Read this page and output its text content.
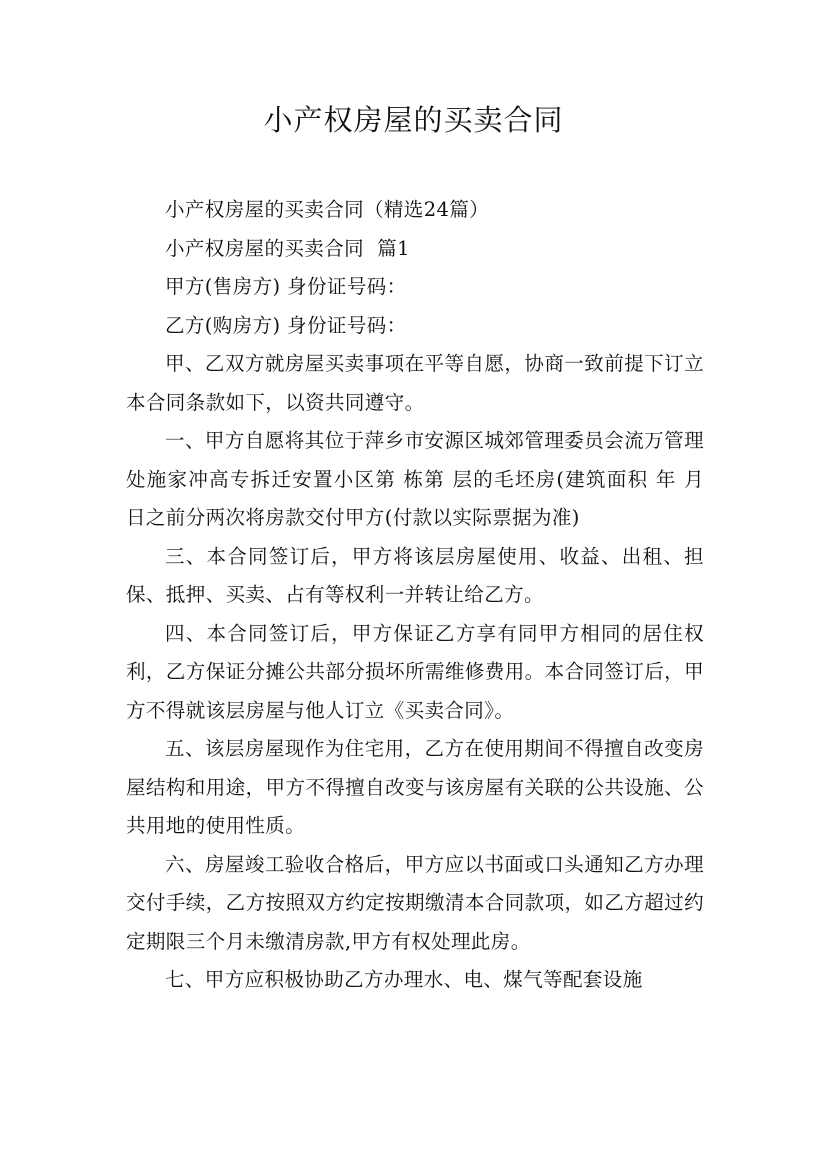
小产权房屋的买卖合同

小产权房屋的买卖合同（精选24篇）

小产权房屋的买卖合同  篇1

甲方(售房方) 身份证号码：

乙方(购房方) 身份证号码：

甲、乙双方就房屋买卖事项在平等自愿，协商一致前提下订立本合同条款如下，以资共同遵守。

一、甲方自愿将其位于萍乡市安源区城郊管理委员会流万管理处施家冲高专拆迁安置小区第 栋第 层的毛坯房(建筑面积 年 月 日之前分两次将房款交付甲方(付款以实际票据为准)

三、本合同签订后，甲方将该层房屋使用、收益、出租、担保、抵押、买卖、占有等权利一并转让给乙方。

四、本合同签订后，甲方保证乙方享有同甲方相同的居住权利，乙方保证分摊公共部分损坏所需维修费用。本合同签订后，甲方不得就该层房屋与他人订立《买卖合同》。

五、该层房屋现作为住宅用，乙方在使用期间不得擅自改变房屋结构和用途，甲方不得擅自改变与该房屋有关联的公共设施、公共用地的使用性质。

六、房屋竣工验收合格后，甲方应以书面或口头通知乙方办理交付手续，乙方按照双方约定按期缴清本合同款项，如乙方超过约定期限三个月未缴清房款,甲方有权处理此房。

七、甲方应积极协助乙方办理水、电、煤气等配套设施
